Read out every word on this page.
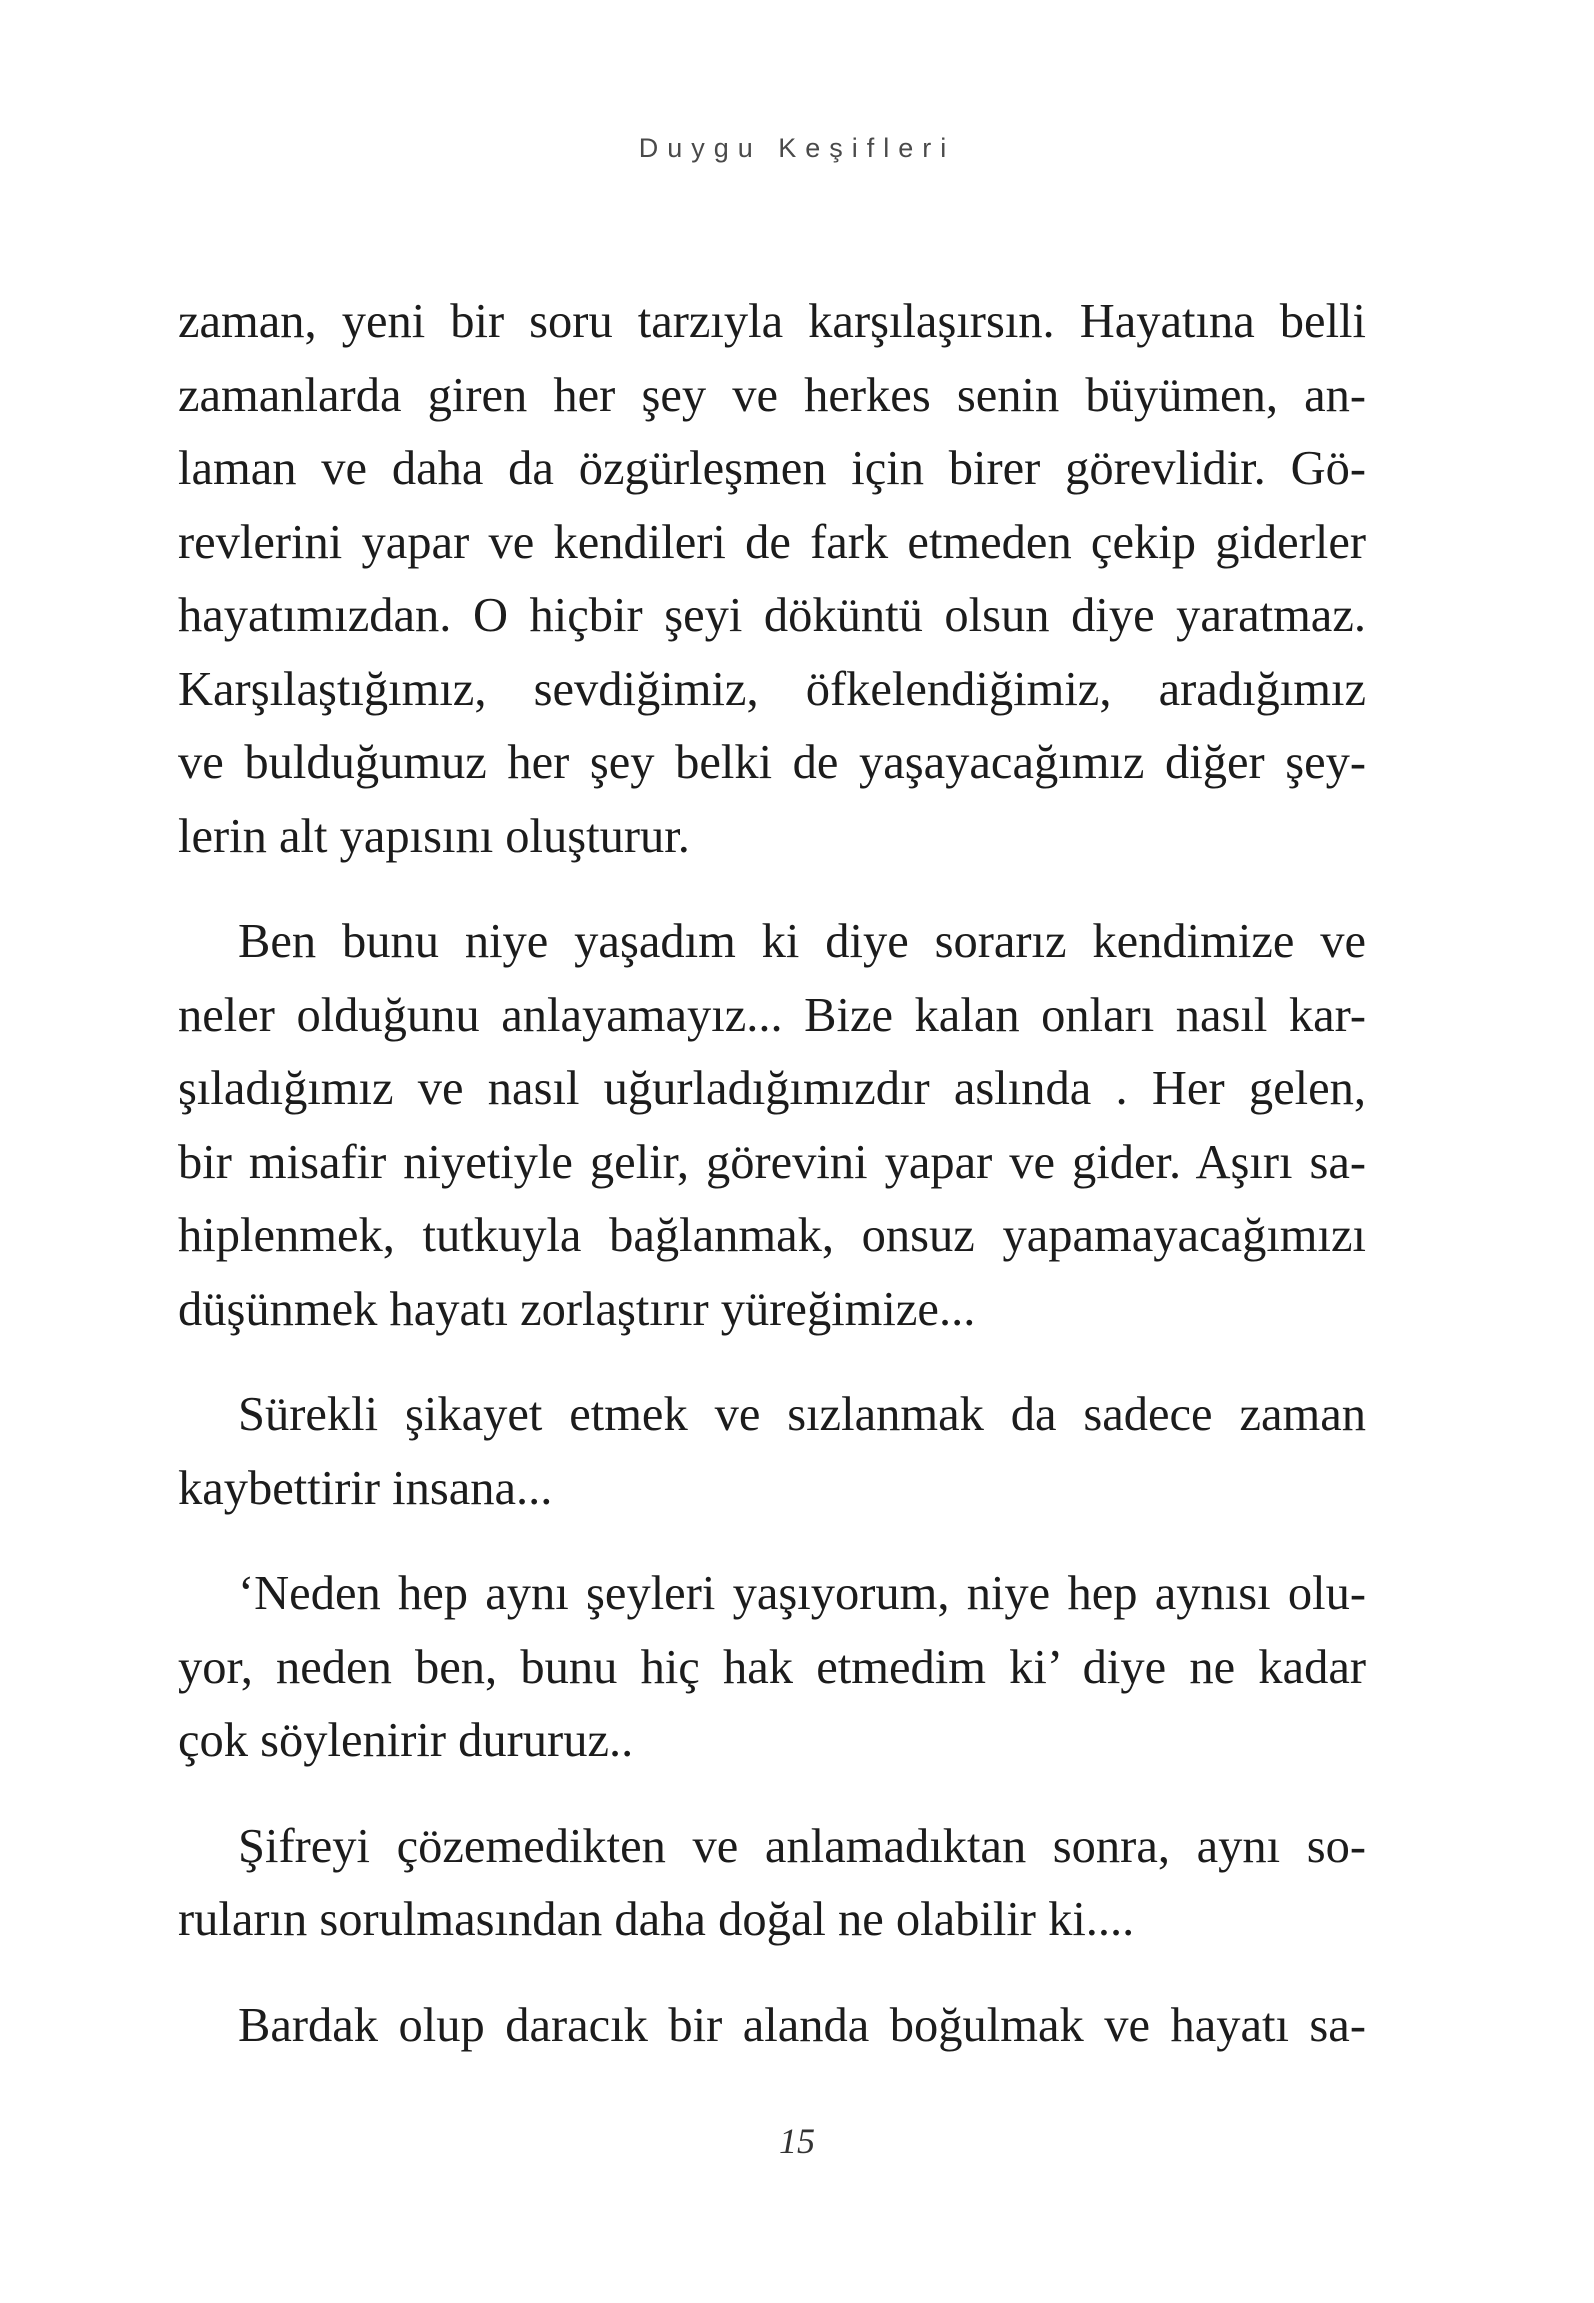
Duygu Keşifleri

zaman, yeni bir soru tarzıyla karşılaşırsın. Hayatına belli
zamanlarda giren her şey ve herkes senin büyümen, an-
laman ve daha da özgürleşmen için birer görevlidir. Gö-
revlerini yapar ve kendileri de fark etmeden çekip giderler
hayatımızdan. O hiçbir şeyi döküntü olsun diye yaratmaz.
Karşılaştığımız, sevdiğimiz, öfkelendiğimiz, aradığımız
ve bulduğumuz her şey belki de yaşayacağımız diğer şey-
lerin alt yapısını oluşturur.

Ben bunu niye yaşadım ki diye sorarız kendimize ve
neler olduğunu anlayamayız... Bize kalan onları nasıl kar-
şıladığımız ve nasıl uğurladığımızdır aslında . Her gelen,
bir misafir niyetiyle gelir, görevini yapar ve gider. Aşırı sa-
hiplenmek, tutkuyla bağlanmak, onsuz yapamayacağımızı
düşünmek hayatı zorlaştırır yüreğimize...

Sürekli şikayet etmek ve sızlanmak da sadece zaman
kaybettirir insana...

‘Neden hep aynı şeyleri yaşıyorum, niye hep aynısı olu-
yor, neden ben, bunu hiç hak etmedim ki’ diye ne kadar
çok söylenirir dururuz..

Şifreyi çözemedikten ve anlamadıktan sonra, aynı so-
ruların sorulmasından daha doğal ne olabilir ki....

Bardak olup daracık bir alanda boğulmak ve hayatı sa-

15
